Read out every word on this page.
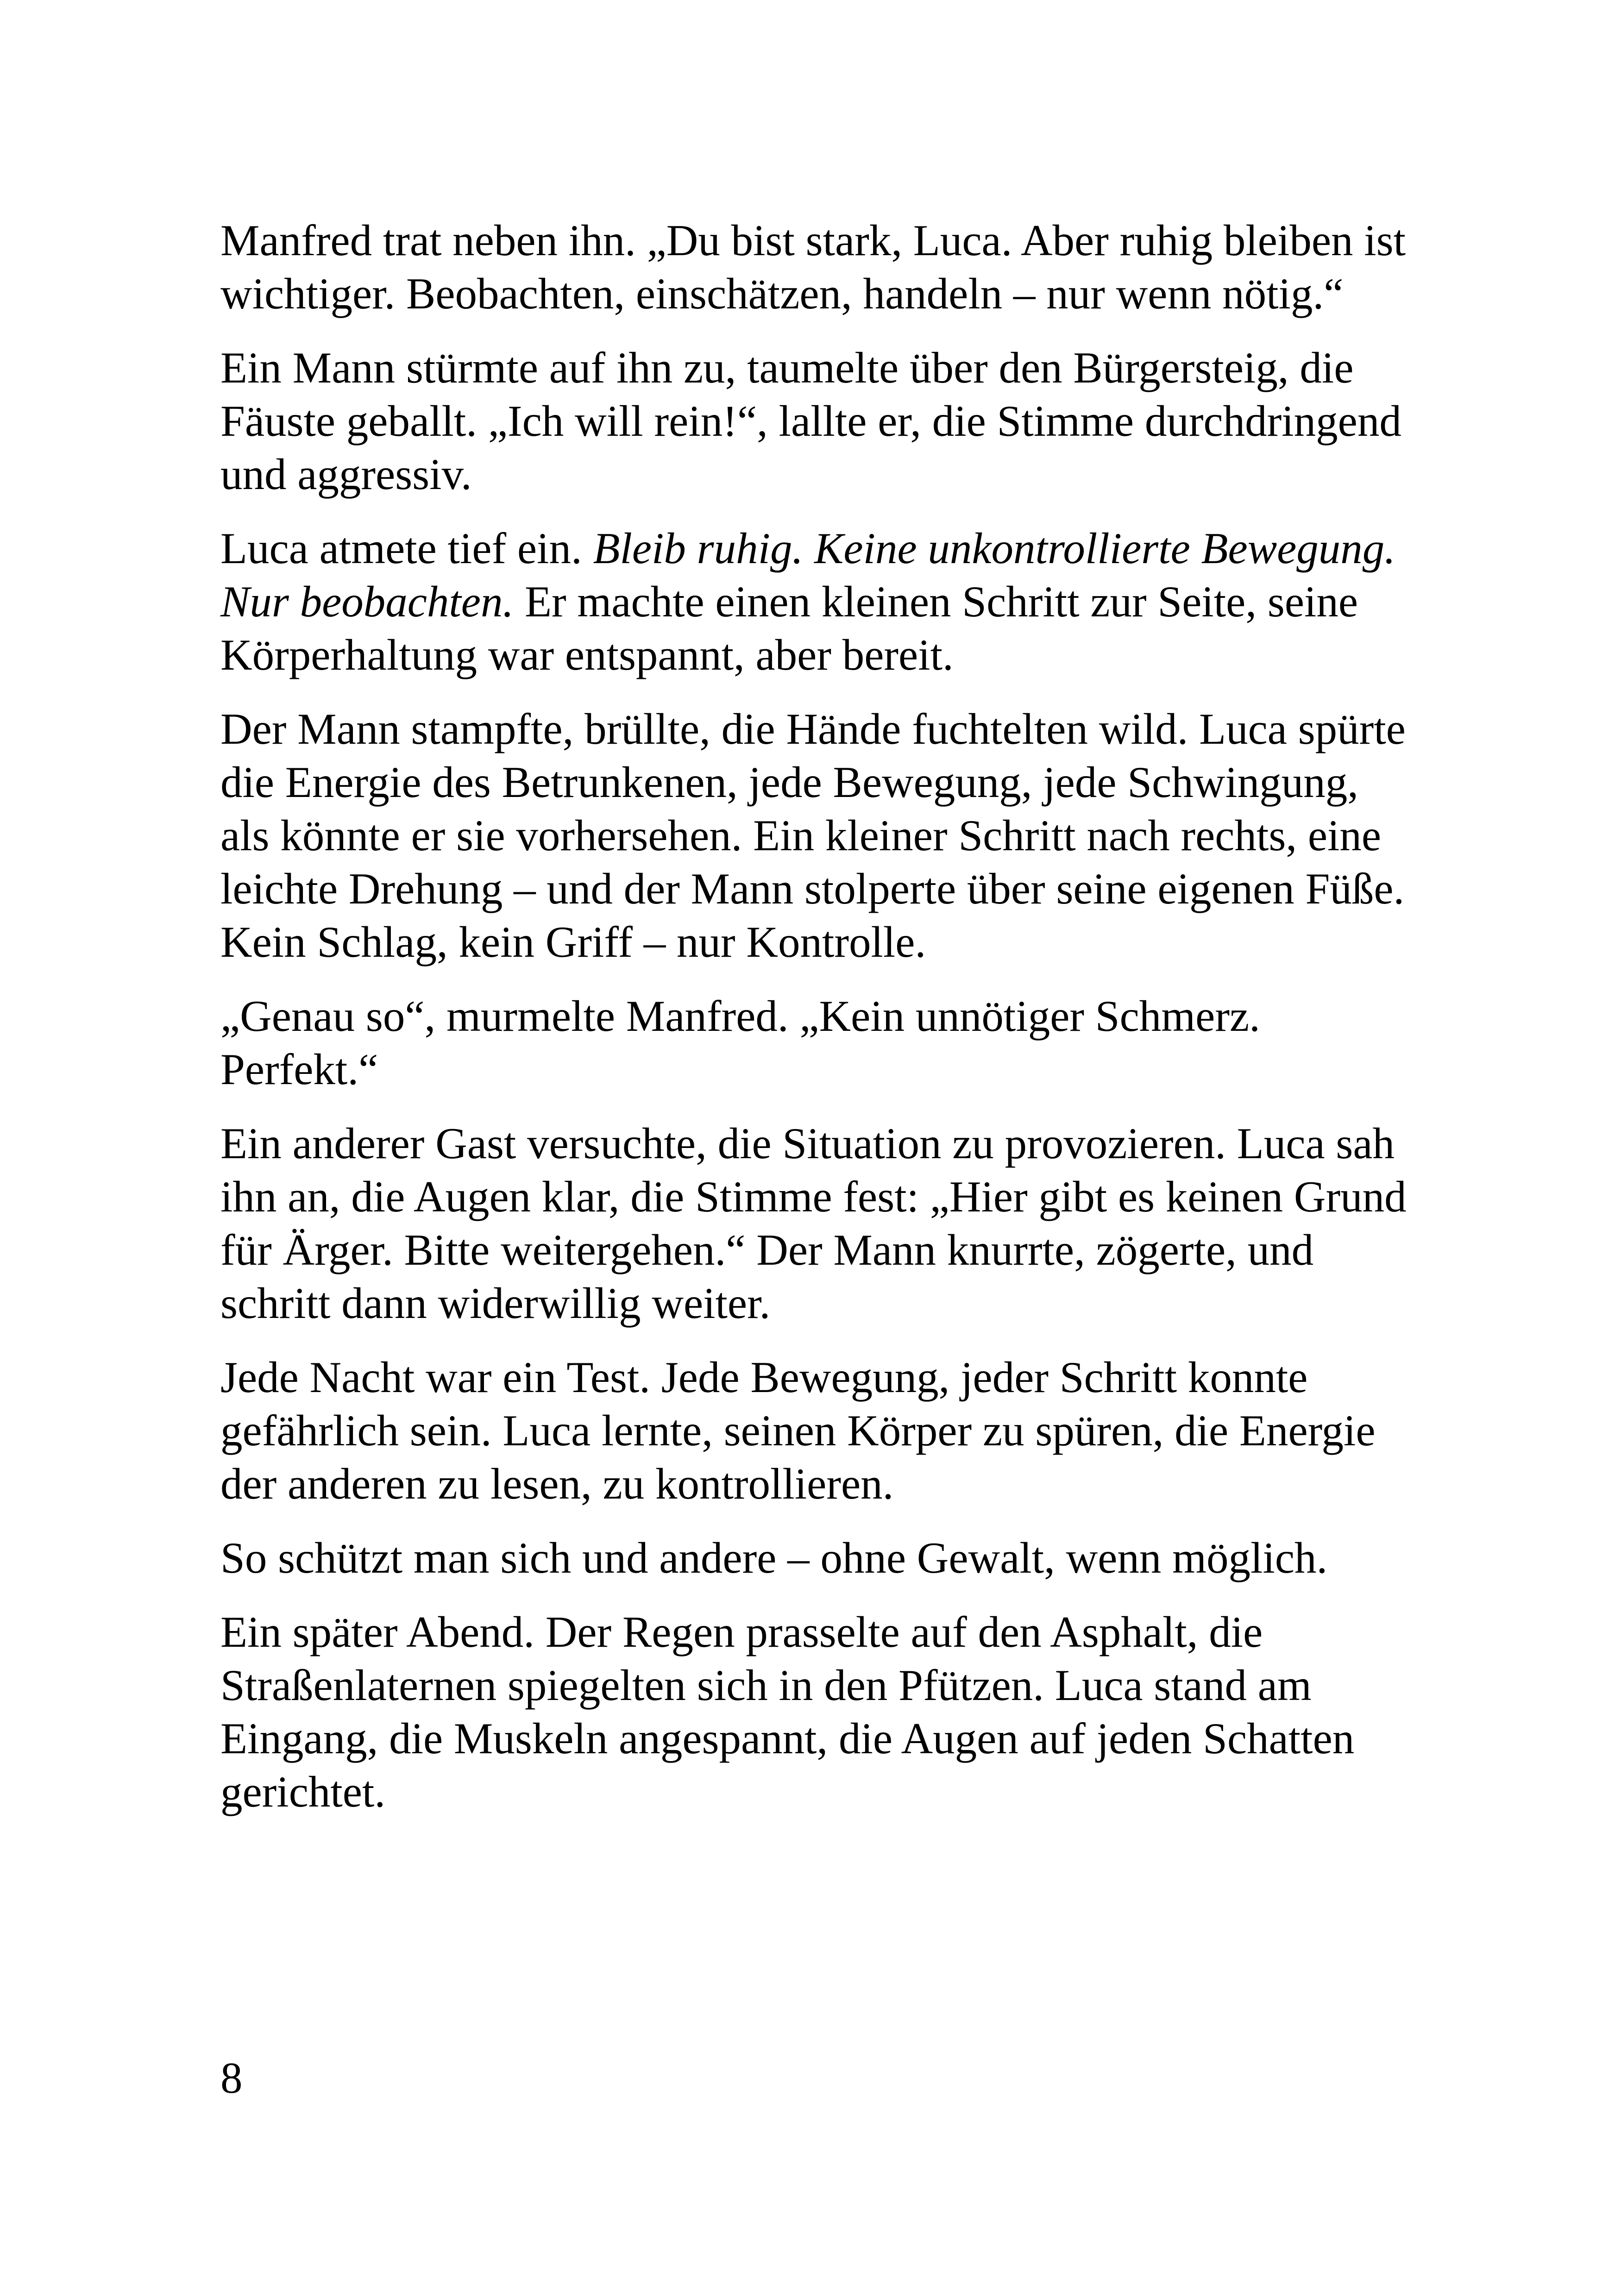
Manfred trat neben ihn. „Du bist stark, Luca. Aber ruhig bleiben ist wichtiger. Beobachten, einschätzen, handeln – nur wenn nötig.“

Ein Mann stürmte auf ihn zu, taumelte über den Bürgersteig, die Fäuste geballt. „Ich will rein!“, lallte er, die Stimme durchdringend und aggressiv.

Luca atmete tief ein. Bleib ruhig. Keine unkontrollierte Bewegung. Nur beobachten. Er machte einen kleinen Schritt zur Seite, seine Körperhaltung war entspannt, aber bereit.

Der Mann stampfte, brüllte, die Hände fuchtelten wild. Luca spürte die Energie des Betrunkenen, jede Bewegung, jede Schwingung, als könnte er sie vorhersehen. Ein kleiner Schritt nach rechts, eine leichte Drehung – und der Mann stolperte über seine eigenen Füße. Kein Schlag, kein Griff – nur Kontrolle.

„Genau so“, murmelte Manfred. „Kein unnötiger Schmerz. Perfekt.“

Ein anderer Gast versuchte, die Situation zu provozieren. Luca sah ihn an, die Augen klar, die Stimme fest: „Hier gibt es keinen Grund für Ärger. Bitte weitergehen.“ Der Mann knurrte, zögerte, und schritt dann widerwillig weiter.

Jede Nacht war ein Test. Jede Bewegung, jeder Schritt konnte gefährlich sein. Luca lernte, seinen Körper zu spüren, die Energie der anderen zu lesen, zu kontrollieren.

So schützt man sich und andere – ohne Gewalt, wenn möglich.

Ein später Abend. Der Regen prasselte auf den Asphalt, die Straßenlaternen spiegelten sich in den Pfützen. Luca stand am Eingang, die Muskeln angespannt, die Augen auf jeden Schatten gerichtet.

8
